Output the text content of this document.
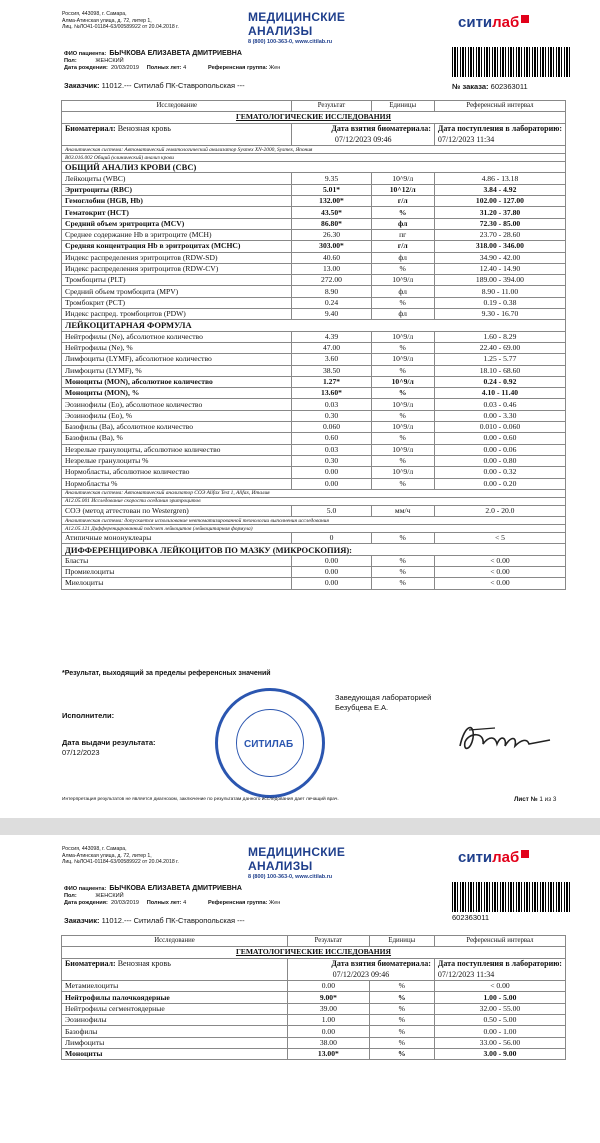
Россия, 443098, г. Самара,
Алма-Атинская улица, д. 72, литер 1,
Лиц. №ЛО41-01184-63/00589922 от 20.04.2018 г.
МЕДИЦИНСКИЕ АНАЛИЗЫ
8 (800) 100-363-0, www.citilab.ru
ситилаб
ФИО пациента: БЫЧКОВА ЕЛИЗАВЕТА ДМИТРИЕВНА
Пол:	ЖЕНСКИЙ
Дата рождения: 20/03/2019 Полных лет: 4	Референсная группа: Жен
Заказчик: 11012.--- Ситилаб ПК-Ставропольская ---	№ заказа: 602363011
Исследование	Результат	Единицы	Референсный интервал
ГЕМАТОЛОГИЧЕСКИЕ ИССЛЕДОВАНИЯ			
Биоматериал: Венозная кровь	Дата взятия биоматериала:		Дата поступления в лабораторию:
	07/12/2023 09:46		07/12/2023 11:34
Аналитическая система: Автоматический гематологический анализатор Sysmex XN-2000, Sysmex, Япония			
В03.016.002 Общий (клинический) анализ крови			
ОБЩИЙ АНАЛИЗ КРОВИ (CBC)			
Лейкоциты (WBC)	9.35	10^9/л	4.86 - 13.18
Эритроциты (RBC)	5.01*	10^12/л	3.84 - 4.92
Гемоглобин (HGB, Hb)	132.00*	г/л	102.00 - 127.00
Гематокрит (HCT)	43.50*	%	31.20 - 37.80
Средний объем эритроцита (MCV)	86.80*	фл	72.30 - 85.00
Среднее содержание Hb в эритроците (MCH)	26.30	пг	23.70 - 28.60
Средняя концентрация Hb в эритроцитах (MCHC)	303.00*	г/л	318.00 - 346.00
Индекс распределения эритроцитов (RDW-SD)	40.60	фл	34.90 - 42.00
Индекс распределения эритроцитов (RDW-CV)	13.00	%	12.40 - 14.90
Тромбоциты (PLT)	272.00	10^9/л	189.00 - 394.00
Средний объем тромбоцита (MPV)	8.90	фл	8.90 - 11.00
Тромбокрит (PCT)	0.24	%	0.19 - 0.38
Индекс распред. тромбоцитов (PDW)	9.40	фл	9.30 - 16.70
ЛЕЙКОЦИТАРНАЯ ФОРМУЛА			
Нейтрофилы (Ne), абсолютное количество	4.39	10^9/л	1.60 - 8.29
Нейтрофилы (Ne), %	47.00	%	22.40 - 69.00
Лимфоциты (LYMF), абсолютное количество	3.60	10^9/л	1.25 - 5.77
Лимфоциты (LYMF), %	38.50	%	18.10 - 68.60
Моноциты (MON), абсолютное количество	1.27*	10^9/л	0.24 - 0.92
Моноциты (MON), %	13.60*	%	4.10 - 11.40
Эозинофилы (Eo), абсолютное количество	0.03	10^9/л	0.03 - 0.46
Эозинофилы (Eo), %	0.30	%	0.00 - 3.30
Базофилы (Ba), абсолютное количество	0.060	10^9/л	0.010 - 0.060
Базофилы (Ba), %	0.60	%	0.00 - 0.60
Незрелые гранулоциты, абсолютное количество	0.03	10^9/л	0.00 - 0.06
Незрелые гранулоциты %	0.30	%	0.00 - 0.80
Нормобласты, абсолютное количество	0.00	10^9/л	0.00 - 0.32
Нормобласты %	0.00	%	0.00 - 0.20
Аналитическая система: Автоматический анализатор СОЭ Alifax Test 1, Alifax, Италия			
А12.05.001 Исследование скорости оседания эритроцитов			
СОЭ (метод аттестован по Westergren)	5.0	мм/ч	2.0 - 20.0
Аналитическая система: допускается использование невтоматизированной технологии выполнения исследования			
А12.05.121 Дифференцированный подсчет лейкоцитов (лейкоцитарная формула)			
Атипичные мононуклеары	0	%	< 5
ДИФФЕРЕНЦИРОВКА ЛЕЙКОЦИТОВ ПО МАЗКУ (МИКРОСКОПИЯ):			
Бласты	0.00	%	< 0.00
Промиелоциты	0.00	%	< 0.00
Миелоциты	0.00	%	< 0.00
*Результат, выходящий за пределы референсных значений
Исполнители:
Заведующая лабораторией
Безубцева Е.А.
Дата выдачи результата:
07/12/2023
СИТИЛАБ
Интерпретация результатов не является диагнозом, заключение по результатам данного исследования дает лечащий врач.	Лист № 1 из 3
Россия, 443098, г. Самара,
Алма-Атинская улица, д. 72, литер 1,
Лиц. №ЛО41-01184-63/00589922 от 20.04.2018 г.
МЕДИЦИНСКИЕ АНАЛИЗЫ
8 (800) 100-363-0, www.citilab.ru
ситилаб
ФИО пациента: БЫЧКОВА ЕЛИЗАВЕТА ДМИТРИЕВНА
Пол:	ЖЕНСКИЙ
Дата рождения: 20/03/2019 Полных лет: 4	Референсная группа: Жен
Заказчик: 11012.--- Ситилаб ПК-Ставропольская ---	602363011
Исследование	Результат	Единицы	Референсный интервал
ГЕМАТОЛОГИЧЕСКИЕ ИССЛЕДОВАНИЯ			
Биоматериал: Венозная кровь	Дата взятия биоматериала:		Дата поступления в лабораторию:
	07/12/2023 09:46		07/12/2023 11:34
Метамиелоциты	0.00	%	< 0.00
Нейтрофилы палочкоядерные	9.00*	%	1.00 - 5.00
Нейтрофилы сегментоядерные	39.00	%	32.00 - 55.00
Эозинофилы	1.00	%	0.50 - 5.00
Базофилы	0.00	%	0.00 - 1.00
Лимфоциты	38.00	%	33.00 - 56.00
Моноциты	13.00*	%	3.00 - 9.00
